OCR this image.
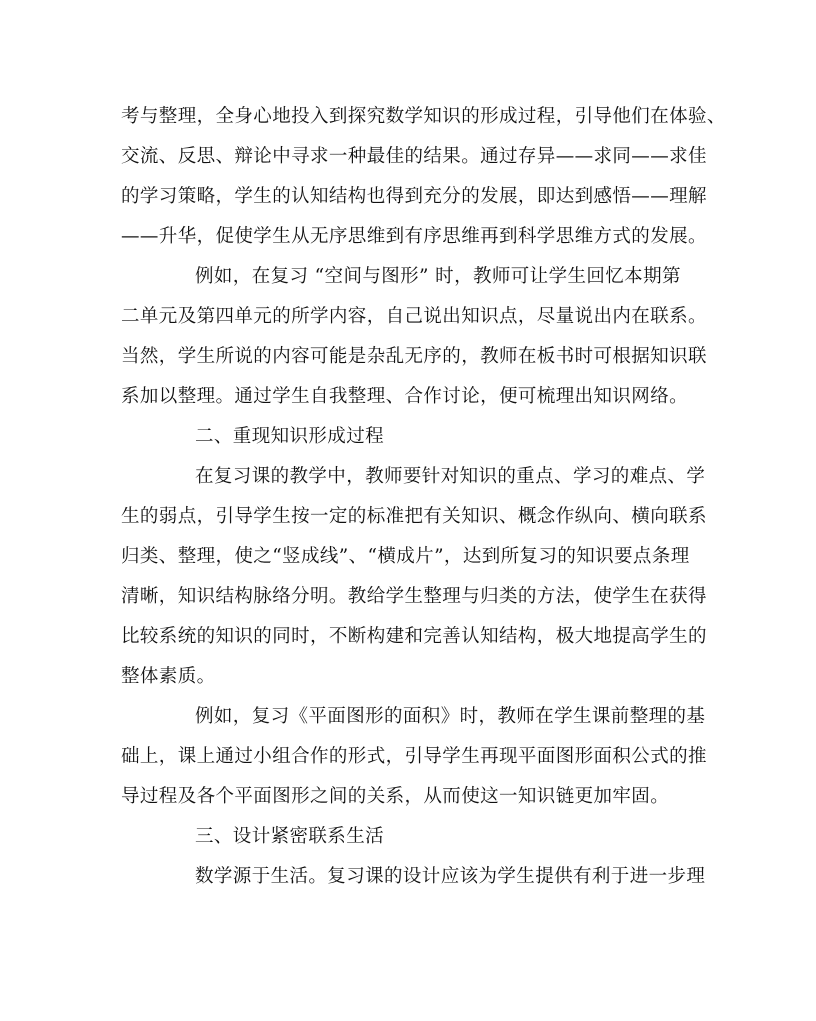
考与整理，全身心地投入到探究数学知识的形成过程，引导他们在体验、
交流、反思、辩论中寻求一种最佳的结果。通过存异——求同——求佳
的学习策略，学生的认知结构也得到充分的发展，即达到感悟——理解
——升华，促使学生从无序思维到有序思维再到科学思维方式的发展。
例如，在复习 “空间与图形” 时，教师可让学生回忆本期第
二单元及第四单元的所学内容，自己说出知识点，尽量说出内在联系。
当然，学生所说的内容可能是杂乱无序的，教师在板书时可根据知识联
系加以整理。通过学生自我整理、合作讨论，便可梳理出知识网络。
二、重现知识形成过程
在复习课的教学中，教师要针对知识的重点、学习的难点、学
生的弱点，引导学生按一定的标准把有关知识、概念作纵向、横向联系
归类、整理，使之“竖成线”、“横成片”，达到所复习的知识要点条理
清晰，知识结构脉络分明。教给学生整理与归类的方法，使学生在获得
比较系统的知识的同时，不断构建和完善认知结构，极大地提高学生的
整体素质。
例如，复习《平面图形的面积》时，教师在学生课前整理的基
础上，课上通过小组合作的形式，引导学生再现平面图形面积公式的推
导过程及各个平面图形之间的关系，从而使这一知识链更加牢固。
三、设计紧密联系生活
数学源于生活。复习课的设计应该为学生提供有利于进一步理
